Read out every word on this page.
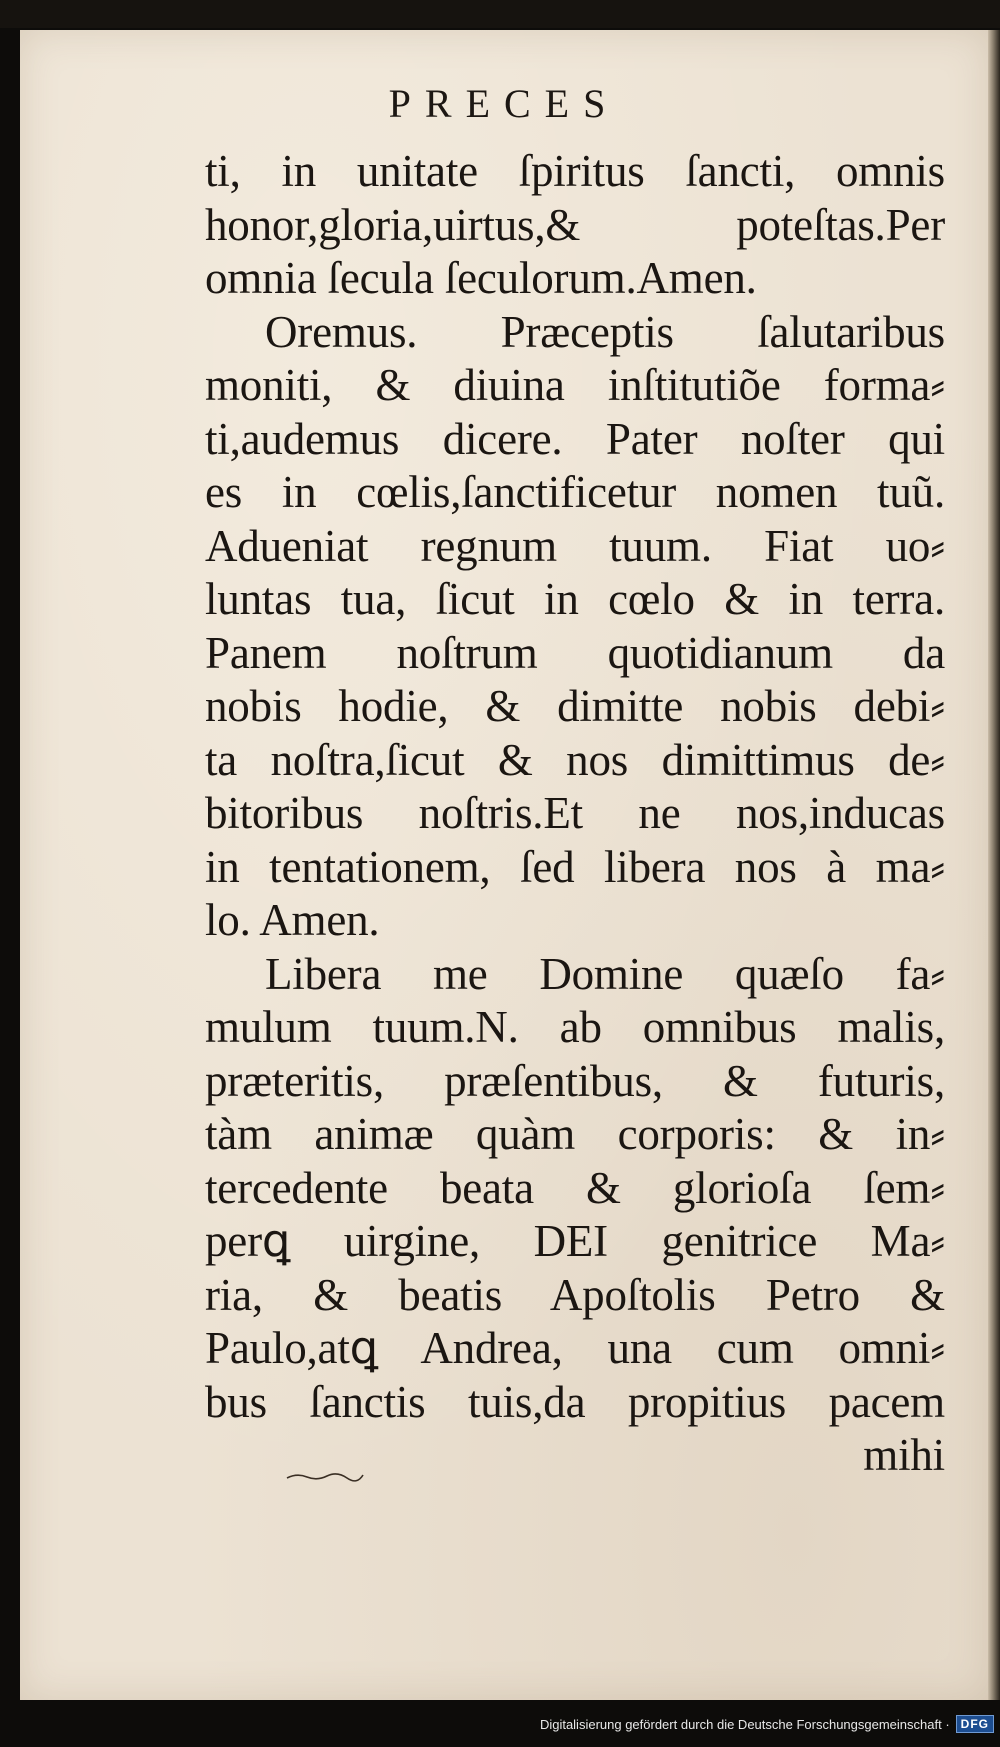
PRECES
ti, in unitate ſpiritus ſancti, omnis
honor,gloria,uirtus,& poteſtas.Per
omnia ſecula ſeculorum.Amen.
Oremus. Præceptis ſalutaribus
moniti, & diuina inſtitutiõe forma⸗
ti,audemus dicere. Pater noſter qui
es in cœlis,ſanctificetur nomen tuũ.
Adueniat regnum tuum. Fiat uo⸗
luntas tua, ſicut in cœlo & in terra.
Panem noſtrum quotidianum da
nobis hodie, & dimitte nobis debi⸗
ta noſtra,ſicut & nos dimittimus de⸗
bitoribus noſtris.Et ne nos,inducas
in tentationem, ſed libera nos à ma⸗
lo. Amen.
Libera me Domine quæſo fa⸗
mulum tuum.N. ab omnibus malis,
præteritis, præſentibus, & futuris,
tàm animæ quàm corporis: & in⸗
tercedente beata & glorioſa ſem⸗
perꝗ uirgine, DEI genitrice Ma⸗
ria, & beatis Apoſtolis Petro &
Paulo,atꝗ Andrea, una cum omni⸗
bus ſanctis tuis,da propitius pacem
mihi
Digitalisierung gefördert durch die Deutsche Forschungsgemeinschaft · DFG
